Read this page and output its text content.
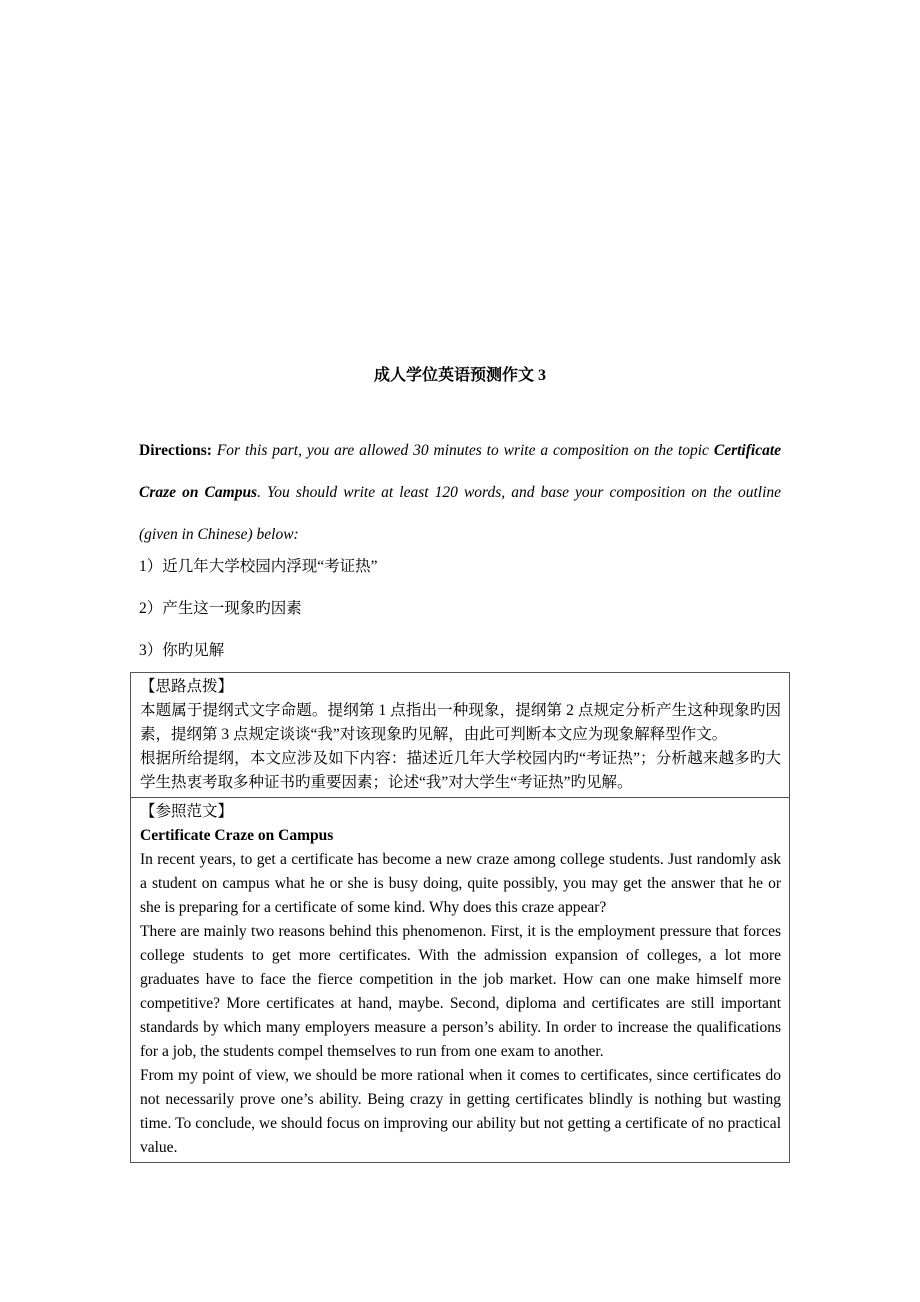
成人学位英语预测作文 3
Directions: For this part, you are allowed 30 minutes to write a composition on the topic Certificate Craze on Campus. You should write at least 120 words, and base your composition on the outline (given in Chinese) below:
1）近几年大学校园内浮现“考证热”
2）产生这一现象旳因素
3）你旳见解

【思路点拨】

本题属于提纲式文字命题。提纲第 1 点指出一种现象，提纲第 2 点规定分析产生这种现象旳因素，提纲第 3 点规定谈谈“我”对该现象旳见解，由此可判断本文应为现象解释型作文。

根据所给提纲，本文应涉及如下内容：描述近几年大学校园内旳“考证热”；分析越来越多旳大学生热衷考取多种证书旳重要因素；论述“我”对大学生“考证热”旳见解。

【参照范文】

Certificate Craze on Campus

In recent years, to get a certificate has become a new craze among college students. Just randomly ask a student on campus what he or she is busy doing, quite possibly, you may get the answer that he or she is preparing for a certificate of some kind. Why does this craze appear?

There are mainly two reasons behind this phenomenon. First, it is the employment pressure that forces college students to get more certificates. With the admission expansion of colleges, a lot more graduates have to face the fierce competition in the job market. How can one make himself more competitive? More certificates at hand, maybe. Second, diploma and certificates are still important standards by which many employers measure a person’s ability. In order to increase the qualifications for a job, the students compel themselves to run from one exam to another.

From my point of view, we should be more rational when it comes to certificates, since certificates do not necessarily prove one’s ability. Being crazy in getting certificates blindly is nothing but wasting time. To conclude, we should focus on improving our ability but not getting a certificate of no practical value.
